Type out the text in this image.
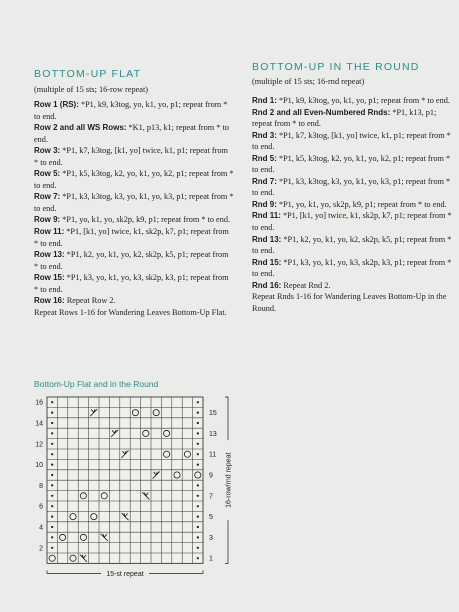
BOTTOM-UP FLAT
(multiple of 15 sts; 16-row repeat)

Row 1 (RS): *P1, k9, k3tog, yo, k1, yo, p1; repeat from * to end.

Row 2 and all WS Rows: *K1, p13, k1; repeat from * to end.

Row 3: *P1, k7, k3tog, [k1, yo] twice, k1, p1; repeat from * to end.

Row 5: *P1, k5, k3tog, k2, yo, k1, yo, k2, p1; repeat from * to end.

Row 7: *P1, k3, k3tog, k3, yo, k1, yo, k3, p1; repeat from * to end.

Row 9: *P1, yo, k1, yo, sk2p, k9, p1; repeat from * to end.

Row 11: *P1, [k1, yo] twice, k1, sk2p, k7, p1; repeat from * to end.

Row 13: *P1, k2, yo, k1, yo, k2, sk2p, k5, p1; repeat from * to end.

Row 15: *P1, k3, yo, k1, yo, k3, sk2p, k3, p1; repeat from * to end.

Row 16: Repeat Row 2.

Repeat Rows 1-16 for Wandering Leaves Bottom-Up Flat.

BOTTOM-UP IN THE ROUND
(multiple of 15 sts; 16-rnd repeat)

Rnd 1: *P1, k9, k3tog, yo, k1, yo, p1; repeat from * to end.

Rnd 2 and all Even-Numbered Rnds: *P1, k13, p1; repeat from * to end.

Rnd 3: *P1, k7, k3tog, [k1, yo] twice, k1, p1; repeat from * to end.

Rnd 5: *P1, k5, k3tog, k2, yo, k1, yo, k2, p1; repeat from * to end.

Rnd 7: *P1, k3, k3tog, k3, yo, k1, yo, k3, p1; repeat from * to end.

Rnd 9: *P1, yo, k1, yo, sk2p, k9, p1; repeat from * to end.

Rnd 11: *P1, [k1, yo] twice, k1, sk2p, k7, p1; repeat from * to end.

Rnd 13: *P1, k2, yo, k1, yo, k2, sk2p, k5, p1; repeat from * to end.

Rnd 15: *P1, k3, yo, k1, yo, k3, sk2p, k3, p1; repeat from * to end.

Rnd 16: Repeat Rnd 2.

Repeat Rnds 1-16 for Wandering Leaves Bottom-Up in the Round.

Bottom-Up Flat and in the Round
16
14
12
10
8
6
4
2
15
13
11
9
7
5
3
1
16-row/rnd repeat
15-st repeat
